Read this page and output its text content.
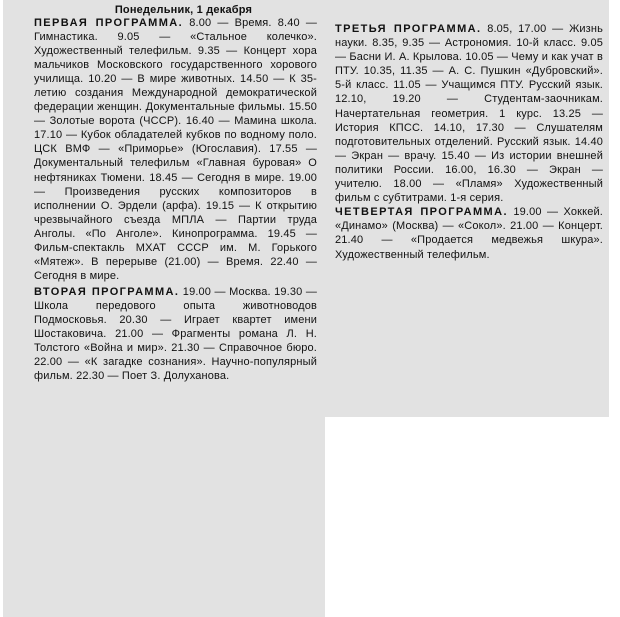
Понедельник, 1 декабря

ПЕРВАЯ ПРОГРАММА. 8.00 — Время. 8.40 — Гимнастика. 9.05 — «Стальное колечко». Художественный телефильм. 9.35 — Концерт хора мальчиков Московского государственного хорового училища. 10.20 — В мире животных. 14.50 — К 35-летию создания Международной демократической федерации женщин. Документальные фильмы. 15.50 — Золотые ворота (ЧССР). 16.40 — Мамина школа. 17.10 — Кубок обладателей кубков по водному поло. ЦСК ВМФ — «Приморье» (Югославия). 17.55 — Документальный телефильм «Главная буровая» О нефтяниках Тюмени. 18.45 — Сегодня в мире. 19.00 — Произведения русских композиторов в исполнении О. Эрдели (арфа). 19.15 — К открытию чрезвычайного съезда МПЛА — Партии труда Анголы. «По Анголе». Кинопрограмма. 19.45 — Фильм-спектакль МХАТ СССР им. М. Горького «Мятеж». В перерыве (21.00) — Время. 22.40 — Сегодня в мире.

ВТОРАЯ ПРОГРАММА. 19.00 — Москва. 19.30 — Школа передового опыта животноводов Подмосковья. 20.30 — Играет квартет имени Шостаковича. 21.00 — Фрагменты романа Л. Н. Толстого «Война и мир». 21.30 — Справочное бюро. 22.00 — «К загадке сознания». Научно-популярный фильм. 22.30 — Поет З. Долуханова.

ТРЕТЬЯ ПРОГРАММА. 8.05, 17.00 — Жизнь науки. 8.35, 9.35 — Астрономия. 10-й класс. 9.05 — Басни И. А. Крылова. 10.05 — Чему и как учат в ПТУ. 10.35, 11.35 — А. С. Пушкин «Дубровский». 5-й класс. 11.05 — Учащимся ПТУ. Русский язык. 12.10, 19.20 — Студентам-заочникам. Начертательная геометрия. 1 курс. 13.25 — История КПСС. 14.10, 17.30 — Слушателям подготовительных отделений. Русский язык. 14.40 — Экран — врачу. 15.40 — Из истории внешней политики России. 16.00, 16.30 — Экран — учителю. 18.00 — «Пламя» Художественный фильм с субтитрами. 1-я серия.

ЧЕТВЕРТАЯ ПРОГРАММА. 19.00 — Хоккей. «Динамо» (Москва) — «Сокол». 21.00 — Концерт. 21.40 — «Продается медвежья шкура». Художественный телефильм.
